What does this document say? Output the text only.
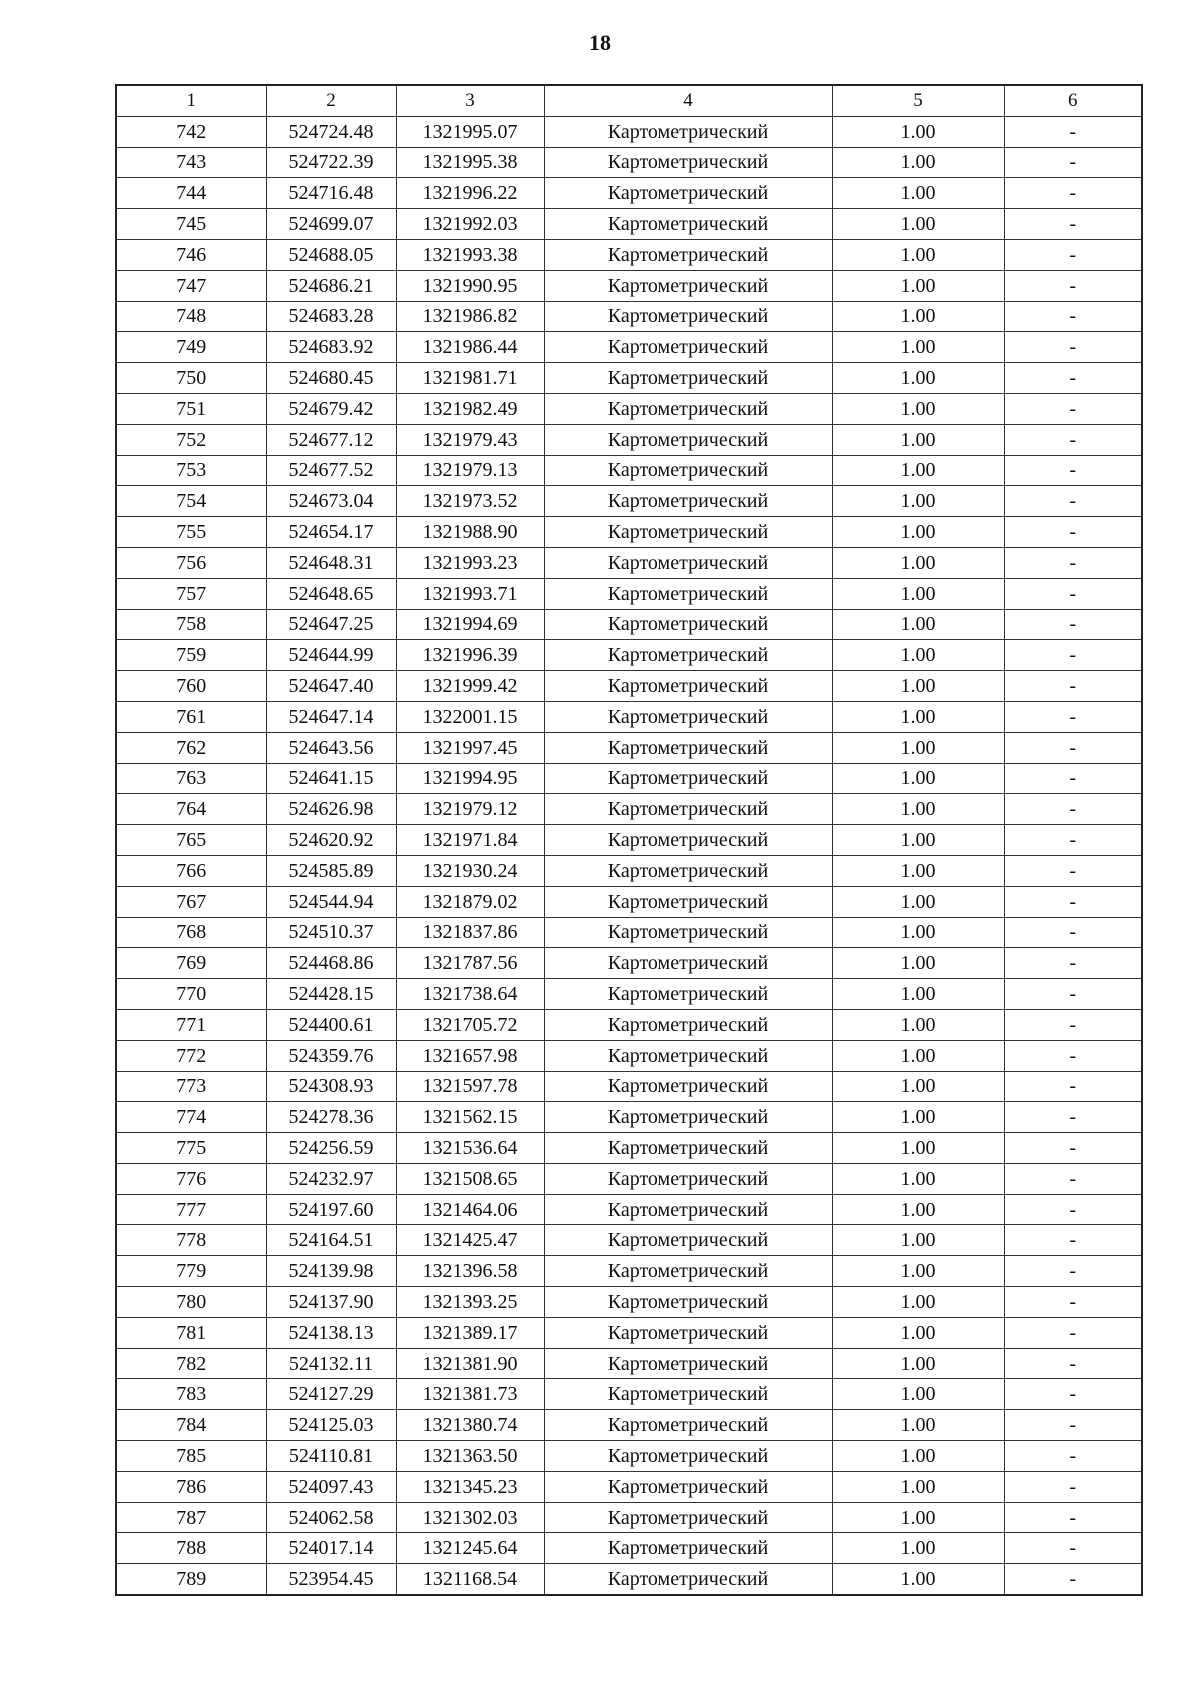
18
1	2	3	4	5	6
742	524724.48	1321995.07	Картометрический	1.00	-
743	524722.39	1321995.38	Картометрический	1.00	-
744	524716.48	1321996.22	Картометрический	1.00	-
745	524699.07	1321992.03	Картометрический	1.00	-
746	524688.05	1321993.38	Картометрический	1.00	-
747	524686.21	1321990.95	Картометрический	1.00	-
748	524683.28	1321986.82	Картометрический	1.00	-
749	524683.92	1321986.44	Картометрический	1.00	-
750	524680.45	1321981.71	Картометрический	1.00	-
751	524679.42	1321982.49	Картометрический	1.00	-
752	524677.12	1321979.43	Картометрический	1.00	-
753	524677.52	1321979.13	Картометрический	1.00	-
754	524673.04	1321973.52	Картометрический	1.00	-
755	524654.17	1321988.90	Картометрический	1.00	-
756	524648.31	1321993.23	Картометрический	1.00	-
757	524648.65	1321993.71	Картометрический	1.00	-
758	524647.25	1321994.69	Картометрический	1.00	-
759	524644.99	1321996.39	Картометрический	1.00	-
760	524647.40	1321999.42	Картометрический	1.00	-
761	524647.14	1322001.15	Картометрический	1.00	-
762	524643.56	1321997.45	Картометрический	1.00	-
763	524641.15	1321994.95	Картометрический	1.00	-
764	524626.98	1321979.12	Картометрический	1.00	-
765	524620.92	1321971.84	Картометрический	1.00	-
766	524585.89	1321930.24	Картометрический	1.00	-
767	524544.94	1321879.02	Картометрический	1.00	-
768	524510.37	1321837.86	Картометрический	1.00	-
769	524468.86	1321787.56	Картометрический	1.00	-
770	524428.15	1321738.64	Картометрический	1.00	-
771	524400.61	1321705.72	Картометрический	1.00	-
772	524359.76	1321657.98	Картометрический	1.00	-
773	524308.93	1321597.78	Картометрический	1.00	-
774	524278.36	1321562.15	Картометрический	1.00	-
775	524256.59	1321536.64	Картометрический	1.00	-
776	524232.97	1321508.65	Картометрический	1.00	-
777	524197.60	1321464.06	Картометрический	1.00	-
778	524164.51	1321425.47	Картометрический	1.00	-
779	524139.98	1321396.58	Картометрический	1.00	-
780	524137.90	1321393.25	Картометрический	1.00	-
781	524138.13	1321389.17	Картометрический	1.00	-
782	524132.11	1321381.90	Картометрический	1.00	-
783	524127.29	1321381.73	Картометрический	1.00	-
784	524125.03	1321380.74	Картометрический	1.00	-
785	524110.81	1321363.50	Картометрический	1.00	-
786	524097.43	1321345.23	Картометрический	1.00	-
787	524062.58	1321302.03	Картометрический	1.00	-
788	524017.14	1321245.64	Картометрический	1.00	-
789	523954.45	1321168.54	Картометрический	1.00	-
